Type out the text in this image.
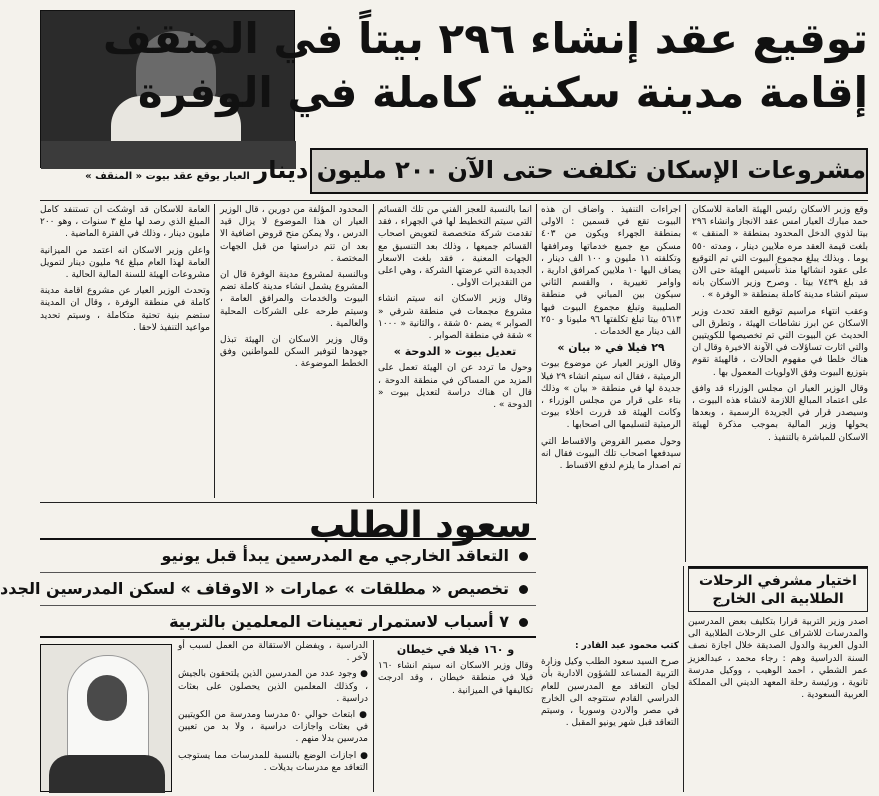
العيار يوقع عقد بيوت « المنقف »
توقيع عقد إنشاء ٢٩٦ بيتاً في المنقف
إقامة مدينة سكنية كاملة في الوفرة
مشروعات الإسكان تكلفت حتى الآن ٢٠٠ مليون دينار

وقع وزير الاسكان رئيس الهيئة العامة للاسكان حمد مبارك العيار امس عقد الانجاز وانشاء ٢٩٦ بيتا لذوي الدخل المحدود بمنطقة « المنقف » بلغت قيمة العقد مره ملايين دينار ، ومدته ٥٥٠ يوما . وبذلك يبلغ مجموع البيوت التي تم التوقيع على عقود انشائها منذ تأسيس الهيئة حتى الان قد بلغ ٧٤٣٩ بيتا . وصرح وزير الاسكان بانه سيتم انشاء مدينة كاملة بمنطقة « الوفرة » .

وعقب انتهاء مراسيم توقيع العقد تحدث وزير الاسكان عن ابرز نشاطات الهيئة ، وتطرق الى الحديث عن البيوت التي تم تخصيصها للكويتيين والتي اثارت تساؤلات في الآونة الاخيرة وقال ان هناك خلطا في مفهوم الحالات ، فالهيئة تقوم بتوزيع البيوت وفق الاولويات المعمول بها .

وقال الوزير العيار ان مجلس الوزراء قد وافق على اعتماد المبالغ اللازمة لانشاء هذه البيوت ، وسيصدر قرار في الجريدة الرسمية ، وبعدها يحولها وزير المالية بموجب مذكرة لهيئة الاسكان للمباشرة بالتنفيذ .

اجراءات التنفيذ . واضاف ان هذه البيوت تقع في قسمين : الاولى بمنطقة الجهراء ويكون من ٤٠٣ مسكن مع جميع خدماتها ومرافقها وتكلفته ١١ مليون و ١٠٠ الف دينار ، يضاف اليها ١٠ ملايين كمرافق ادارية ، واوامر تغييرية ، والقسم الثاني سيكون بين المباني في منطقة الصليبية وتبلغ مجموع البيوت فيها ٥٦١٣ بيتا تبلغ تكلفتها ٩٦ مليونا و ٢٥٠ الف دينار مع الخدمات .

٢٩ فيلا في « بيان »

وقال الوزير العيار عن موضوع بيوت الرميثية ، فقال انه سيتم انشاء ٢٩ فيلا جديدة لها في منطقة « بيان » وذلك بناء على قرار من مجلس الوزراء ، وكانت الهيئة قد قررت اخلاء بيوت الرميثية لتسليمها الى اصحابها .

وحول مصير القروض والاقساط التي سيدفعها اصحاب تلك البيوت فقال انه تم اصدار ما يلزم لدفع الاقساط .

انما بالنسبة للعجز الفني من تلك القسائم التي سيتم التخطيط لها في الجهراء ، فقد تقدمت شركة متخصصة لتعويض اصحاب القسائم جميعها ، وذلك بعد التنسيق مع الجهات المعنية ، فقد بلغت الاسعار الجديدة التي عرضتها الشركة ، وهي اعلى من التقديرات الاولى .

وقال وزير الاسكان انه سيتم انشاء مشروع مجمعات في منطقة شرقي « الصوابر » يضم ٥٠ شقة ، والثانية « ١٠٠٠ » شقة في منطقة الصوابر .

تعديل بيوت « الدوحة »

وحول ما تردد عن ان الهيئة تعمل على المزيد من المساكن في منطقة الدوحة ، قال ان هناك دراسة لتعديل بيوت « الدوحة » .

المحدود المؤلفة من دورين ، قال الوزير العيار ان هذا الموضوع لا يزال قيد الدرس ، ولا يمكن منح قروض اضافية الا بعد ان تتم دراستها من قبل الجهات المختصة .

وبالنسبة لمشروع مدينة الوفرة قال ان المشروع يشمل انشاء مدينة كاملة تضم البيوت والخدمات والمرافق العامة ، وسيتم طرحه على الشركات المحلية والعالمية .

وقال وزير الاسكان ان الهيئة تبذل جهودها لتوفير السكن للمواطنين وفق الخطط الموضوعة .

العامة للاسكان قد اوشكت ان تستنفد كامل المبلغ الذي رصد لها ملغ ٣ سنوات ، وهو ٢٠٠ مليون دينار ، وذلك في الفترة الماضية .

واعلن وزير الاسكان انه اعتمد من الميزانية العامة لهذا العام مبلغ ٩٤ مليون دينار لتمويل مشروعات الهيئة للسنة المالية الحالية .

وتحدث الوزير العيار عن مشروع اقامة مدينة كاملة في منطقة الوفرة ، وقال ان المدينة ستضم بنية تحتية متكاملة ، وسيتم تحديد مواعيد التنفيذ لاحقا .

سعود الطلب
التعاقد الخارجي مع المدرسين يبدأ قبل يونيو
تخصيص « مطلقات » عمارات « الاوقاف » لسكن المدرسين الجدد
٧ أسباب لاستمرار تعيينات المعلمين بالتربية
اختيار مشرفي الرحلات الطلابية الى الخارج
اصدر وزير التربية قرارا بتكليف بعض المدرسين والمدرسات للاشراف على الرحلات الطلابية الى الدول العربية والدول الصديقة خلال اجازة نصف السنة الدراسية وهم : رجاء محمد ، عبدالعزيز عمر الشطي ، احمد الوهيب ، ووكيل مدرسة ثانوية ، ورئيسة رحلة المعهد الديني الى المملكة العربية السعودية .

كتب محمود عبد القادر :

صرح السيد سعود الطلب وكيل وزارة التربية المساعد للشؤون الادارية بأن لجان التعاقد مع المدرسين للعام الدراسي القادم ستتوجه الى الخارج في مصر والاردن وسوريا ، وسيتم التعاقد قبل شهر يونيو المقبل .

و ١٦٠ فيلا في خيطان

وقال وزير الاسكان انه سيتم انشاء ١٦٠ فيلا في منطقة خيطان ، وقد ادرجت تكاليفها في الميزانية .

الدراسية ، ويفضلن الاستقالة من العمل لسبب أو لآخر .

● وجود عدد من المدرسين الذين يلتحقون بالجيش ، وكذلك المعلمين الذين يحصلون على بعثات دراسية .

● ابتعاث حوالي ٥٠ مدرسا ومدرسة من الكويتيين في بعثات واجازات دراسية ، ولا بد من تعيين مدرسين بدلا منهم .

● اجازات الوضع بالنسبة للمدرسات مما يستوجب التعاقد مع مدرسات بديلات .
